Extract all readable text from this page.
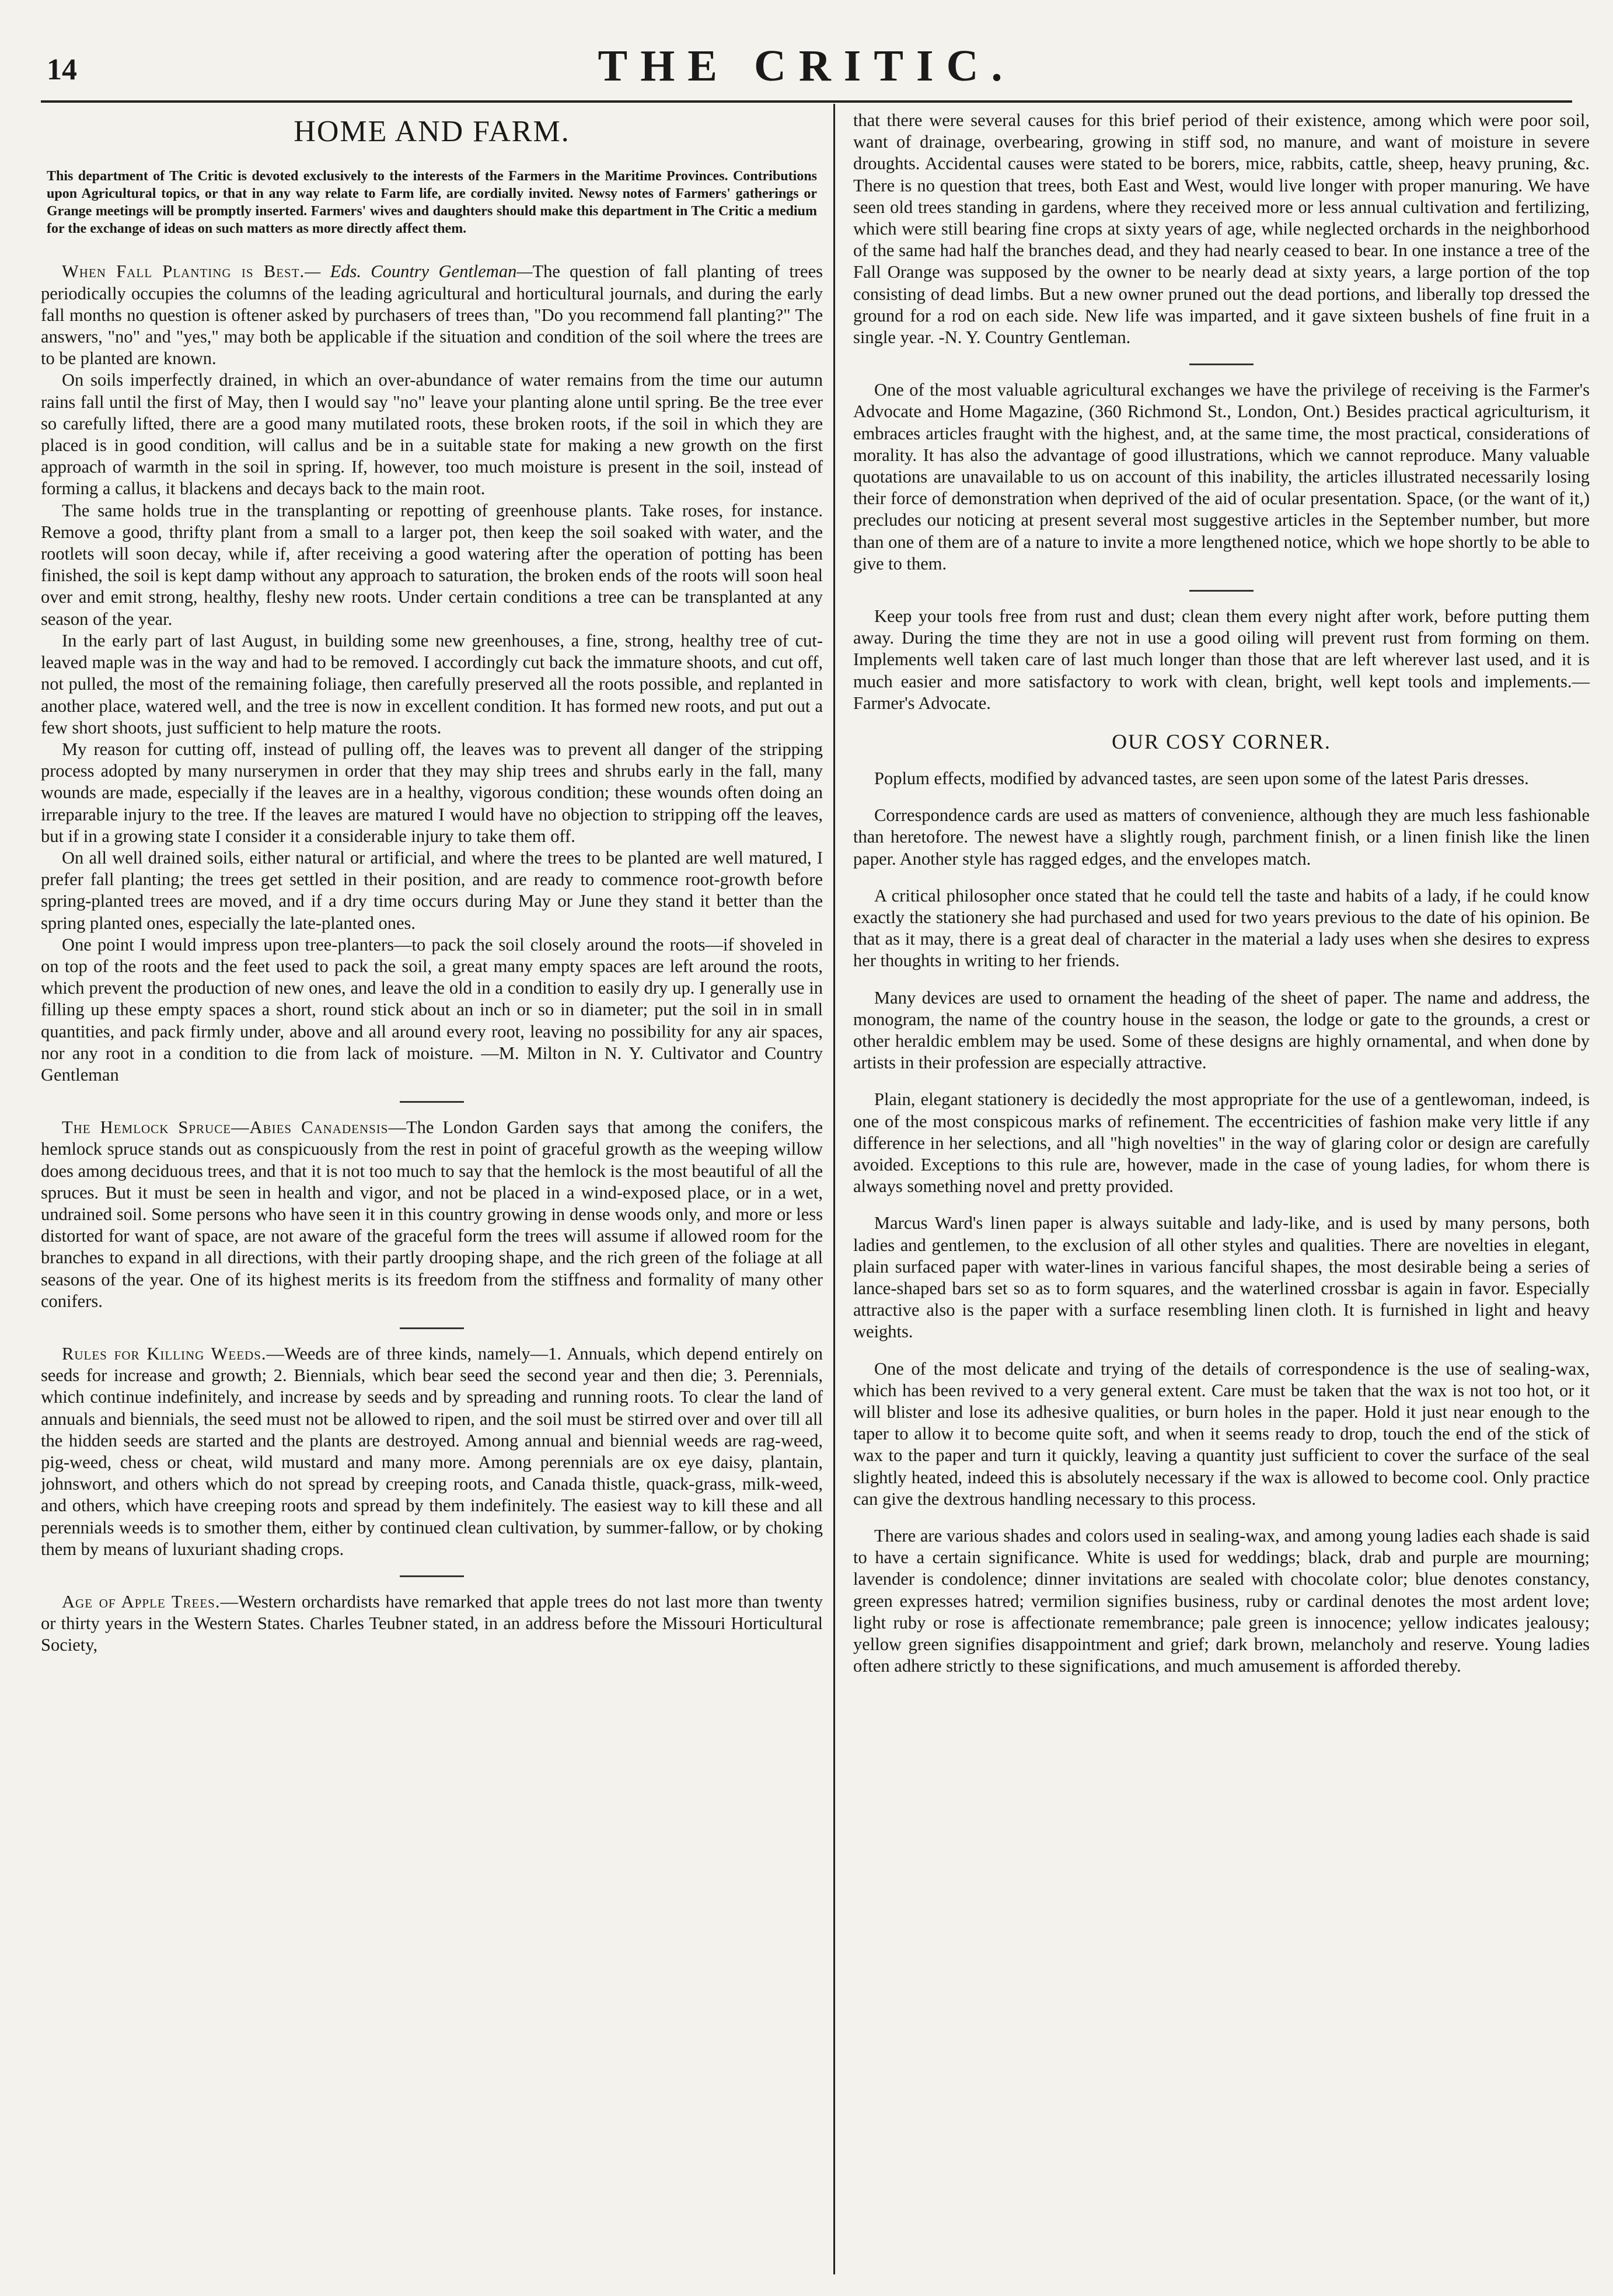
14	THE CRITIC.
HOME AND FARM.
This department of The Critic is devoted exclusively to the interests of the Farmers in the Maritime Provinces. Contributions upon Agricultural topics, or that in any way relate to Farm life, are cordially invited. Newsy notes of Farmers' gatherings or Grange meetings will be promptly inserted. Farmers' wives and daughters should make this department in The Critic a medium for the exchange of ideas on such matters as more directly affect them.

When Fall Planting is Best.— Eds. Country Gentleman—The question of fall planting of trees periodically occupies the columns of the leading agricultural and horticultural journals, and during the early fall months no question is oftener asked by purchasers of trees than, "Do you recommend fall planting?" The answers, "no" and "yes," may both be applicable if the situation and condition of the soil where the trees are to be planted are known.

On soils imperfectly drained, in which an over-abundance of water remains from the time our autumn rains fall until the first of May, then I would say "no" leave your planting alone until spring. Be the tree ever so carefully lifted, there are a good many mutilated roots, these broken roots, if the soil in which they are placed is in good condition, will callus and be in a suitable state for making a new growth on the first approach of warmth in the soil in spring. If, however, too much moisture is present in the soil, instead of forming a callus, it blackens and decays back to the main root.

The same holds true in the transplanting or repotting of greenhouse plants. Take roses, for instance. Remove a good, thrifty plant from a small to a larger pot, then keep the soil soaked with water, and the rootlets will soon decay, while if, after receiving a good watering after the operation of potting has been finished, the soil is kept damp without any approach to saturation, the broken ends of the roots will soon heal over and emit strong, healthy, fleshy new roots. Under certain conditions a tree can be transplanted at any season of the year.

In the early part of last August, in building some new greenhouses, a fine, strong, healthy tree of cut-leaved maple was in the way and had to be removed. I accordingly cut back the immature shoots, and cut off, not pulled, the most of the remaining foliage, then carefully preserved all the roots possible, and replanted in another place, watered well, and the tree is now in excellent condition. It has formed new roots, and put out a few short shoots, just sufficient to help mature the roots.

My reason for cutting off, instead of pulling off, the leaves was to prevent all danger of the stripping process adopted by many nurserymen in order that they may ship trees and shrubs early in the fall, many wounds are made, especially if the leaves are in a healthy, vigorous condition; these wounds often doing an irreparable injury to the tree. If the leaves are matured I would have no objection to stripping off the leaves, but if in a growing state I consider it a considerable injury to take them off.

On all well drained soils, either natural or artificial, and where the trees to be planted are well matured, I prefer fall planting; the trees get settled in their position, and are ready to commence root-growth before spring-planted trees are moved, and if a dry time occurs during May or June they stand it better than the spring planted ones, especially the late-planted ones.

One point I would impress upon tree-planters—to pack the soil closely around the roots—if shoveled in on top of the roots and the feet used to pack the soil, a great many empty spaces are left around the roots, which prevent the production of new ones, and leave the old in a condition to easily dry up. I generally use in filling up these empty spaces a short, round stick about an inch or so in diameter; put the soil in in small quantities, and pack firmly under, above and all around every root, leaving no possibility for any air spaces, nor any root in a condition to die from lack of moisture. —M. Milton in N. Y. Cultivator and Country Gentleman

The Hemlock Spruce—Abies Canadensis—The London Garden says that among the conifers, the hemlock spruce stands out as conspicuously from the rest in point of graceful growth as the weeping willow does among deciduous trees, and that it is not too much to say that the hemlock is the most beautiful of all the spruces. But it must be seen in health and vigor, and not be placed in a wind-exposed place, or in a wet, undrained soil. Some persons who have seen it in this country growing in dense woods only, and more or less distorted for want of space, are not aware of the graceful form the trees will assume if allowed room for the branches to expand in all directions, with their partly drooping shape, and the rich green of the foliage at all seasons of the year. One of its highest merits is its freedom from the stiffness and formality of many other conifers.

Rules for Killing Weeds.—Weeds are of three kinds, namely—1. Annuals, which depend entirely on seeds for increase and growth; 2. Biennials, which bear seed the second year and then die; 3. Perennials, which continue indefinitely, and increase by seeds and by spreading and running roots. To clear the land of annuals and biennials, the seed must not be allowed to ripen, and the soil must be stirred over and over till all the hidden seeds are started and the plants are destroyed. Among annual and biennial weeds are rag-weed, pig-weed, chess or cheat, wild mustard and many more. Among perennials are ox eye daisy, plantain, johnswort, and others which do not spread by creeping roots, and Canada thistle, quack-grass, milk-weed, and others, which have creeping roots and spread by them indefinitely. The easiest way to kill these and all perennials weeds is to smother them, either by continued clean cultivation, by summer-fallow, or by choking them by means of luxuriant shading crops.

Age of Apple Trees.—Western orchardists have remarked that apple trees do not last more than twenty or thirty years in the Western States. Charles Teubner stated, in an address before the Missouri Horticultural Society,

that there were several causes for this brief period of their existence, among which were poor soil, want of drainage, overbearing, growing in stiff sod, no manure, and want of moisture in severe droughts. Accidental causes were stated to be borers, mice, rabbits, cattle, sheep, heavy pruning, &c. There is no question that trees, both East and West, would live longer with proper manuring. We have seen old trees standing in gardens, where they received more or less annual cultivation and fertilizing, which were still bearing fine crops at sixty years of age, while neglected orchards in the neighborhood of the same had half the branches dead, and they had nearly ceased to bear. In one instance a tree of the Fall Orange was supposed by the owner to be nearly dead at sixty years, a large portion of the top consisting of dead limbs. But a new owner pruned out the dead portions, and liberally top dressed the ground for a rod on each side. New life was imparted, and it gave sixteen bushels of fine fruit in a single year. -N. Y. Country Gentleman.

One of the most valuable agricultural exchanges we have the privilege of receiving is the Farmer's Advocate and Home Magazine, (360 Richmond St., London, Ont.) Besides practical agriculturism, it embraces articles fraught with the highest, and, at the same time, the most practical, considerations of morality. It has also the advantage of good illustrations, which we cannot reproduce. Many valuable quotations are unavailable to us on account of this inability, the articles illustrated necessarily losing their force of demonstration when deprived of the aid of ocular presentation. Space, (or the want of it,) precludes our noticing at present several most suggestive articles in the September number, but more than one of them are of a nature to invite a more lengthened notice, which we hope shortly to be able to give to them.

Keep your tools free from rust and dust; clean them every night after work, before putting them away. During the time they are not in use a good oiling will prevent rust from forming on them. Implements well taken care of last much longer than those that are left wherever last used, and it is much easier and more satisfactory to work with clean, bright, well kept tools and implements.—Farmer's Advocate.

OUR COSY CORNER.

Poplum effects, modified by advanced tastes, are seen upon some of the latest Paris dresses.

Correspondence cards are used as matters of convenience, although they are much less fashionable than heretofore. The newest have a slightly rough, parchment finish, or a linen finish like the linen paper. Another style has ragged edges, and the envelopes match.

A critical philosopher once stated that he could tell the taste and habits of a lady, if he could know exactly the stationery she had purchased and used for two years previous to the date of his opinion. Be that as it may, there is a great deal of character in the material a lady uses when she desires to express her thoughts in writing to her friends.

Many devices are used to ornament the heading of the sheet of paper. The name and address, the monogram, the name of the country house in the season, the lodge or gate to the grounds, a crest or other heraldic emblem may be used. Some of these designs are highly ornamental, and when done by artists in their profession are especially attractive.

Plain, elegant stationery is decidedly the most appropriate for the use of a gentlewoman, indeed, is one of the most conspicous marks of refinement. The eccentricities of fashion make very little if any difference in her selections, and all "high novelties" in the way of glaring color or design are carefully avoided. Exceptions to this rule are, however, made in the case of young ladies, for whom there is always something novel and pretty provided.

Marcus Ward's linen paper is always suitable and lady-like, and is used by many persons, both ladies and gentlemen, to the exclusion of all other styles and qualities. There are novelties in elegant, plain surfaced paper with water-lines in various fanciful shapes, the most desirable being a series of lance-shaped bars set so as to form squares, and the waterlined crossbar is again in favor. Especially attractive also is the paper with a surface resembling linen cloth. It is furnished in light and heavy weights.

One of the most delicate and trying of the details of correspondence is the use of sealing-wax, which has been revived to a very general extent. Care must be taken that the wax is not too hot, or it will blister and lose its adhesive qualities, or burn holes in the paper. Hold it just near enough to the taper to allow it to become quite soft, and when it seems ready to drop, touch the end of the stick of wax to the paper and turn it quickly, leaving a quantity just sufficient to cover the surface of the seal slightly heated, indeed this is absolutely necessary if the wax is allowed to become cool. Only practice can give the dextrous handling necessary to this process.

There are various shades and colors used in sealing-wax, and among young ladies each shade is said to have a certain significance. White is used for weddings; black, drab and purple are mourning; lavender is condolence; dinner invitations are sealed with chocolate color; blue denotes constancy, green expresses hatred; vermilion signifies business, ruby or cardinal denotes the most ardent love; light ruby or rose is affectionate remembrance; pale green is innocence; yellow indicates jealousy; yellow green signifies disappointment and grief; dark brown, melancholy and reserve. Young ladies often adhere strictly to these significations, and much amusement is afforded thereby.
